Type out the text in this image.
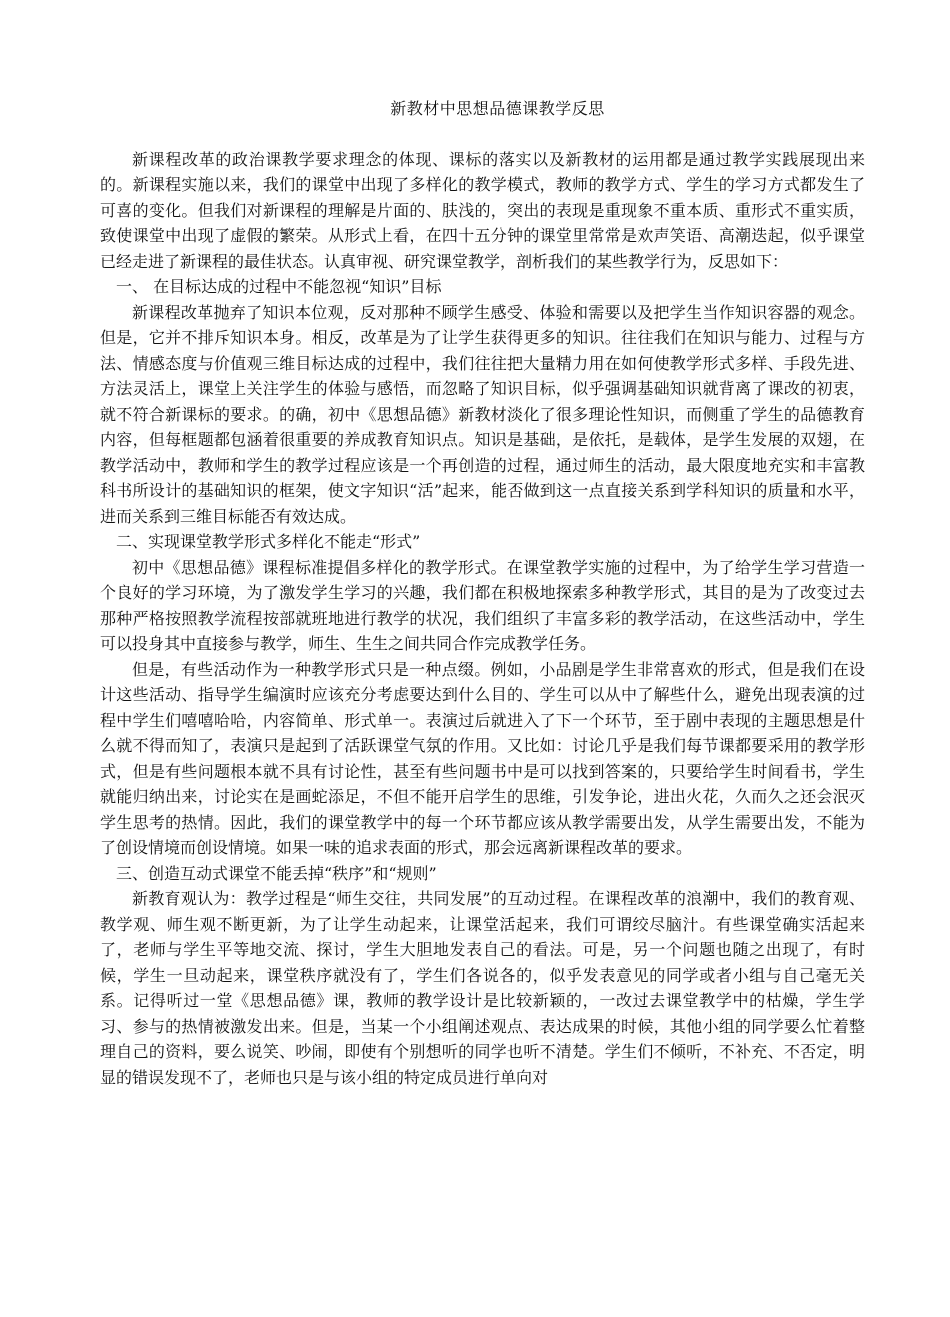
新教材中思想品德课教学反思

新课程改革的政治课教学要求理念的体现、课标的落实以及新教材的运用都是通过教学实践展现出来的。新课程实施以来，我们的课堂中出现了多样化的教学模式，教师的教学方式、学生的学习方式都发生了可喜的变化。但我们对新课程的理解是片面的、肤浅的，突出的表现是重现象不重本质、重形式不重实质，致使课堂中出现了虚假的繁荣。从形式上看，在四十五分钟的课堂里常常是欢声笑语、高潮迭起，似乎课堂已经走进了新课程的最佳状态。认真审视、研究课堂教学，剖析我们的某些教学行为，反思如下：

一、 在目标达成的过程中不能忽视“知识”目标

新课程改革抛弃了知识本位观，反对那种不顾学生感受、体验和需要以及把学生当作知识容器的观念。但是，它并不排斥知识本身。相反，改革是为了让学生获得更多的知识。往往我们在知识与能力、过程与方法、情感态度与价值观三维目标达成的过程中，我们往往把大量精力用在如何使教学形式多样、手段先进、方法灵活上，课堂上关注学生的体验与感悟，而忽略了知识目标，似乎强调基础知识就背离了课改的初衷，就不符合新课标的要求。的确，初中《思想品德》新教材淡化了很多理论性知识，而侧重了学生的品德教育内容，但每框题都包涵着很重要的养成教育知识点。知识是基础，是依托，是载体，是学生发展的双翅，在教学活动中，教师和学生的教学过程应该是一个再创造的过程，通过师生的活动，最大限度地充实和丰富教科书所设计的基础知识的框架，使文字知识“活”起来，能否做到这一点直接关系到学科知识的质量和水平，进而关系到三维目标能否有效达成。

二、实现课堂教学形式多样化不能走“形式”

初中《思想品德》课程标准提倡多样化的教学形式。在课堂教学实施的过程中，为了给学生学习营造一个良好的学习环境，为了激发学生学习的兴趣，我们都在积极地探索多种教学形式，其目的是为了改变过去那种严格按照教学流程按部就班地进行教学的状况，我们组织了丰富多彩的教学活动，在这些活动中，学生可以投身其中直接参与教学，师生、生生之间共同合作完成教学任务。

但是，有些活动作为一种教学形式只是一种点缀。例如，小品剧是学生非常喜欢的形式，但是我们在设计这些活动、指导学生编演时应该充分考虑要达到什么目的、学生可以从中了解些什么，避免出现表演的过程中学生们嘻嘻哈哈，内容简单、形式单一。表演过后就进入了下一个环节，至于剧中表现的主题思想是什么就不得而知了，表演只是起到了活跃课堂气氛的作用。又比如：讨论几乎是我们每节课都要采用的教学形式，但是有些问题根本就不具有讨论性，甚至有些问题书中是可以找到答案的，只要给学生时间看书，学生就能归纳出来，讨论实在是画蛇添足，不但不能开启学生的思维，引发争论，进出火花，久而久之还会泯灭学生思考的热情。因此，我们的课堂教学中的每一个环节都应该从教学需要出发，从学生需要出发，不能为了创设情境而创设情境。如果一味的追求表面的形式，那会远离新课程改革的要求。

三、创造互动式课堂不能丢掉“秩序”和“规则”

新教育观认为：教学过程是“师生交往，共同发展”的互动过程。在课程改革的浪潮中，我们的教育观、教学观、师生观不断更新，为了让学生动起来，让课堂活起来，我们可谓绞尽脑汁。有些课堂确实活起来了，老师与学生平等地交流、探讨，学生大胆地发表自己的看法。可是，另一个问题也随之出现了，有时候，学生一旦动起来，课堂秩序就没有了，学生们各说各的，似乎发表意见的同学或者小组与自己毫无关系。记得听过一堂《思想品德》课，教师的教学设计是比较新颖的，一改过去课堂教学中的枯燥，学生学习、参与的热情被激发出来。但是，当某一个小组阐述观点、表达成果的时候，其他小组的同学要么忙着整理自己的资料，要么说笑、吵闹，即使有个别想听的同学也听不清楚。学生们不倾听，不补充、不否定，明显的错误发现不了，老师也只是与该小组的特定成员进行单向对
